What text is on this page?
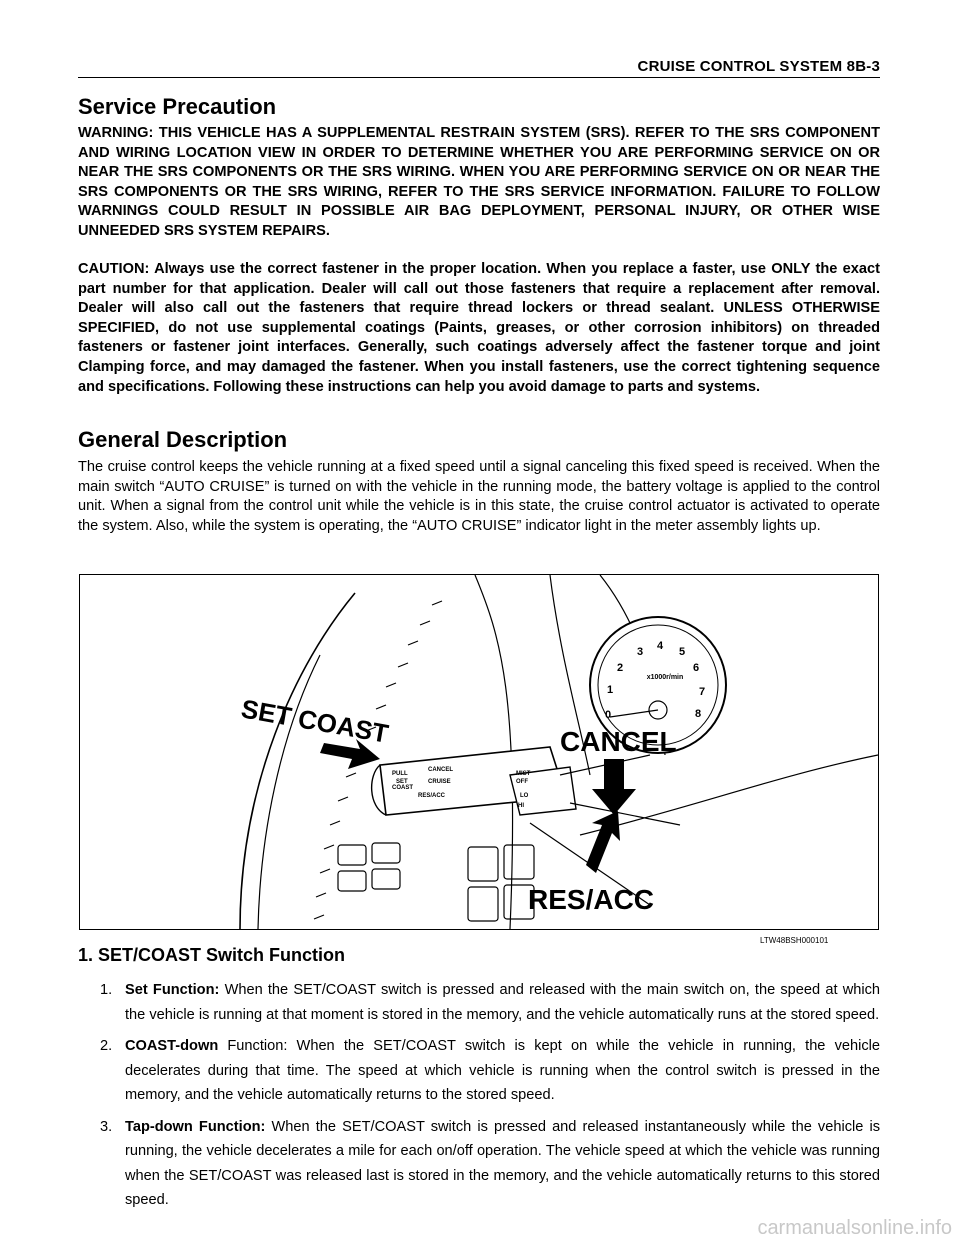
CRUISE CONTROL SYSTEM 8B-3
Service Precaution

WARNING: THIS VEHICLE HAS A SUPPLEMENTAL RESTRAIN SYSTEM (SRS). REFER TO THE SRS COMPONENT AND WIRING LOCATION VIEW IN ORDER TO DETERMINE WHETHER YOU ARE PERFORMING SERVICE ON OR NEAR THE SRS COMPONENTS OR THE SRS WIRING. WHEN YOU ARE PERFORMING SERVICE ON OR NEAR THE SRS COMPONENTS OR THE SRS WIRING, REFER TO THE SRS SERVICE INFORMATION. FAILURE TO FOLLOW WARNINGS COULD RESULT IN POSSIBLE AIR BAG DEPLOYMENT, PERSONAL INJURY, OR OTHER WISE UNNEEDED SRS SYSTEM REPAIRS.

CAUTION: Always use the correct fastener in the proper location. When you replace a faster, use ONLY the exact part number for that application. Dealer will call out those fasteners that require a replacement after removal. Dealer will also call out the fasteners that require thread lockers or thread sealant. UNLESS OTHERWISE SPECIFIED, do not use supplemental coatings (Paints, greases, or other corrosion inhibitors) on threaded fasteners or fastener joint interfaces. Generally, such coatings adversely affect the fastener torque and joint Clamping force, and may damaged the fastener. When you install fasteners, use the correct tightening sequence and specifications. Following these instructions can help you avoid damage to parts and systems.

General Description

The cruise control keeps the vehicle running at a fixed speed until a signal canceling this fixed speed is received. When the main switch “AUTO CRUISE” is turned on with the vehicle in the running mode, the battery voltage is applied to the control unit. When a signal from the control unit while the vehicle is in this state, the cruise control actuator is activated to operate the system. Also, while the system is operating, the “AUTO CRUISE” indicator light in the meter assembly lights up.

0
1
2
3 4 5
6
7
8
x1000r/min
PULL
SET
COAST
CANCEL
CRUISE
RES/ACC
MIST
OFF
LO
HI
SET COAST	CANCEL
RES/ACC
LTW48BSH000101
1. SET/COAST Switch Function
1. Set Function: When the SET/COAST switch is pressed and released with the main switch on, the speed at which the vehicle is running at that moment is stored in the memory, and the vehicle automatically runs at the stored speed.
2. COAST-down Function: When the SET/COAST switch is kept on while the vehicle in running, the vehicle decelerates during that time. The speed at which vehicle is running when the control switch is pressed in the memory, and the vehicle automatically returns to the stored speed.
3. Tap-down Function: When the SET/COAST switch is pressed and released instantaneously while the vehicle is running, the vehicle decelerates a mile for each on/off operation. The vehicle speed at which the vehicle was running when the SET/COAST was released last is stored in the memory, and the vehicle automatically returns to this stored speed.
carmanualsonline.info
